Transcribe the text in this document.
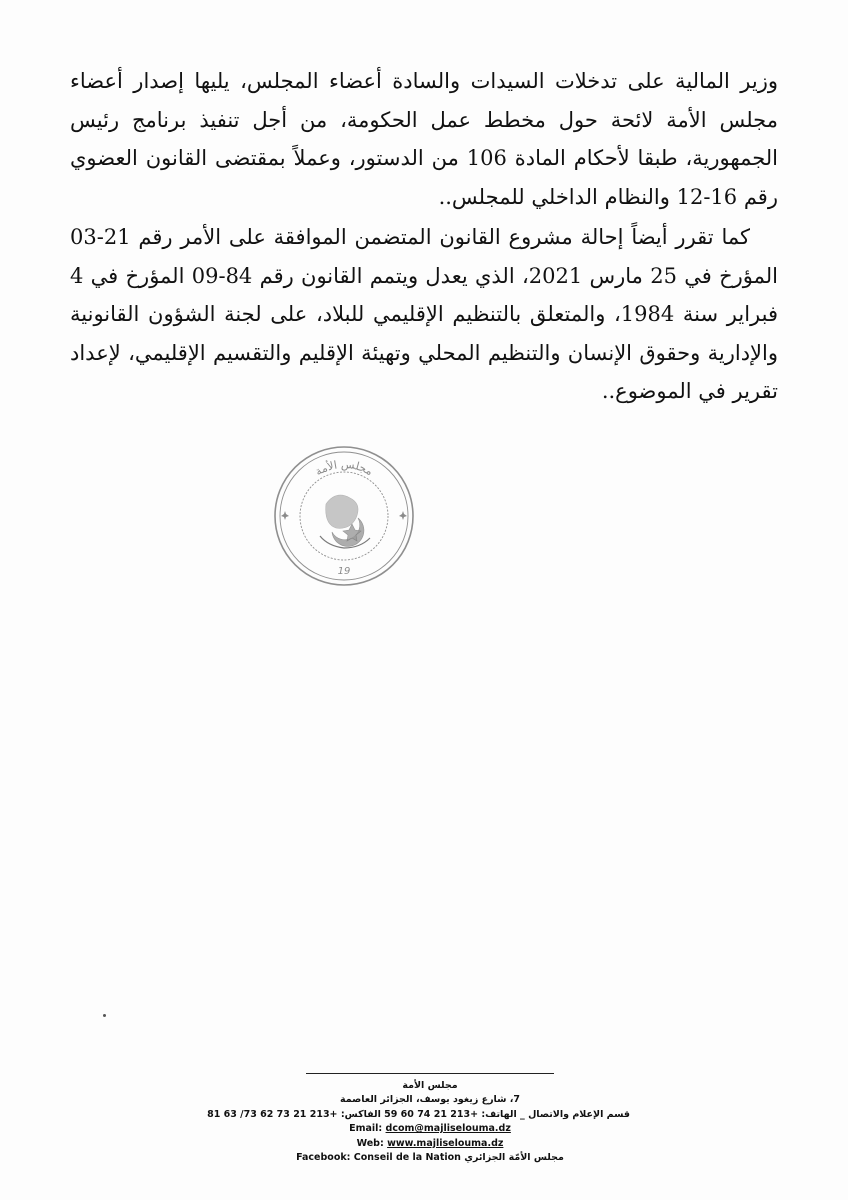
وزير المالية على تدخلات السيدات والسادة أعضاء المجلس، يليها إصدار أعضاء مجلس الأمة لائحة حول مخطط عمل الحكومة، من أجل تنفيذ برنامج رئيس الجمهورية، طبقا لأحكام المادة 106 من الدستور، وعملاً بمقتضى القانون العضوي رقم 16-12 والنظام الداخلي للمجلس..

كما تقرر أيضاً إحالة مشروع القانون المتضمن الموافقة على الأمر رقم 21-03 المؤرخ في 25 مارس 2021، الذي يعدل ويتمم القانون رقم 84-09 المؤرخ في 4 فبراير سنة 1984، والمتعلق بالتنظيم الإقليمي للبلاد، على لجنة الشؤون القانونية والإدارية وحقوق الإنسان والتنظيم المحلي وتهيئة الإقليم والتقسيم الإقليمي، لإعداد تقرير في الموضوع..

مجلس الأمة
19
مجلس الأمة
7، شارع زيغود يوسف، الجزائر العاصمة
قسم الإعلام والاتصال _ الهاتف: 59 60 74 21 213+ الفاكس: 81 63 /73 62 73 21 213+
Email: dcom@majliselouma.dz
Web: www.majliselouma.dz
Facebook: Conseil de la Nation مجلس الأمّة الجزائري
